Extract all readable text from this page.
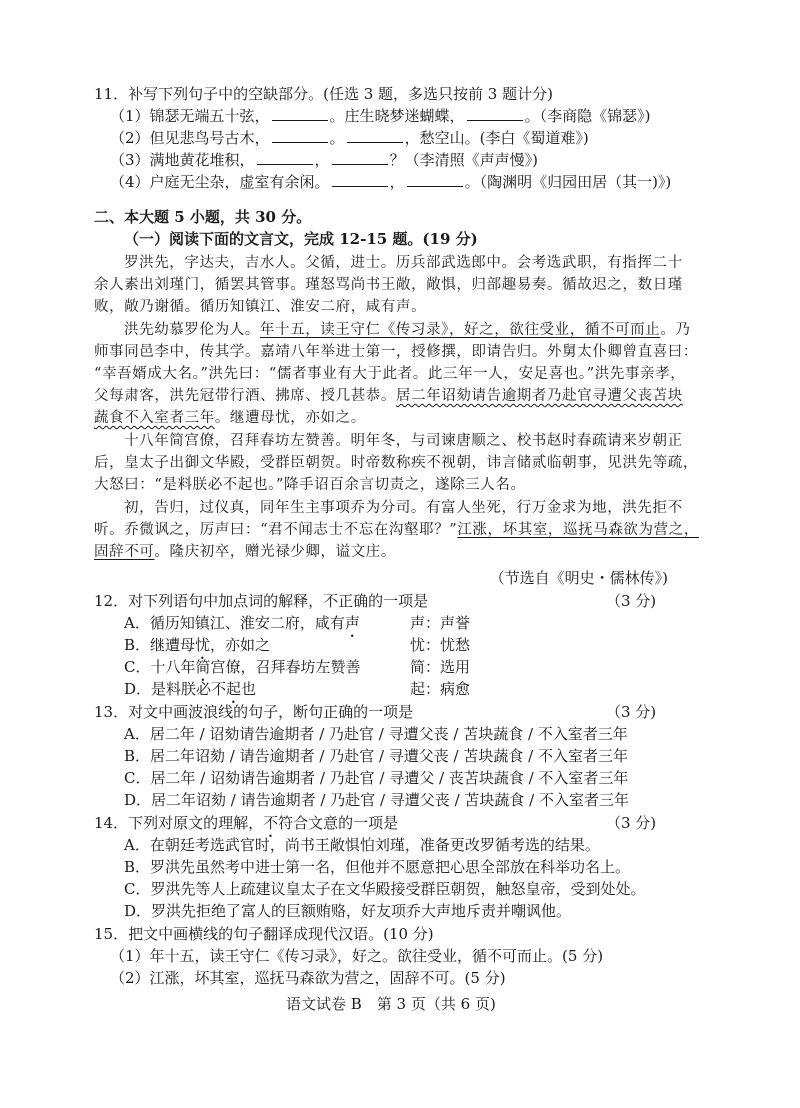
11．补写下列句子中的空缺部分。(任选 3 题，多选只按前 3 题计分)
（1）锦瑟无端五十弦，	。庄生晓梦迷蝴蝶，	。（李商隐《锦瑟》)
（2）但见悲鸟号古木，	。	，愁空山。(李白《蜀道难》)
（3）满地黄花堆积，	，	？（李清照《声声慢》)
（4）户庭无尘杂，虚室有余闲。	，	。（陶渊明《归园田居（其一)》)
二、本大题 5 小题，共 30 分。
（一）阅读下面的文言文，完成 12-15 题。(19 分)
罗洪先，字达夫，吉水人。父循，进士。历兵部武选郎中。会考选武职，有指挥二十
余人素出刘瑾门，循罢其管事。瑾怒骂尚书王敞，敞惧，归部趣易奏。循故迟之，数日瑾
败，敞乃谢循。循历知镇江、淮安二府，咸有声。
洪先幼慕罗伦为人。年十五，读王守仁《传习录》，好之，欲往受业，循不可而止。乃
师事同邑李中，传其学。嘉靖八年举进士第一，授修撰，即请告归。外舅太仆卿曾直喜曰：
“幸吾婿成大名。”洪先曰：“儒者事业有大于此者。此三年一人，安足喜也。”洪先事亲孝，
父每肃客，洪先冠带行酒、拂席、授几甚恭。居二年诏劾请告逾期者乃赴官寻遭父丧苫块
蔬食不入室者三年。继遭母忧，亦如之。
十八年简宫僚，召拜春坊左赞善。明年冬，与司谏唐顺之、校书赵时春疏请来岁朝正
后，皇太子出御文华殿，受群臣朝贺。时帝数称疾不视朝，讳言储贰临朝事，见洪先等疏，
大怒曰：“是料朕必不起也。”降手诏百余言切责之，遂除三人名。
初，告归，过仪真，同年生主事项乔为分司。有富人坐死，行万金求为地，洪先拒不
听。乔微讽之，厉声曰：“君不闻志士不忘在沟壑耶？”江涨，坏其室，巡抚马森欲为营之，
固辞不可。隆庆初卒，赠光禄少卿，谥文庄。
（节选自《明史・儒林传》)
12．对下列语句中加点词的解释，不正确的一项是	（3 分)
A．循历知镇江、淮安二府，咸有声	声：声誉
B．继遭母忧，亦如之	忧：忧愁
C．十八年简宫僚，召拜春坊左赞善	简：选用
D．是料朕必不起也	起：病愈
13．对文中画波浪线的句子，断句正确的一项是	（3 分)
A．居二年 / 诏劾请告逾期者 / 乃赴官 / 寻遭父丧 / 苫块蔬食 / 不入室者三年
B．居二年诏劾 / 请告逾期者 / 乃赴官 / 寻遭父丧 / 苫块蔬食 / 不入室者三年
C．居二年 / 诏劾请告逾期者 / 乃赴官 / 寻遭父 / 丧苫块蔬食 / 不入室者三年
D．居二年诏劾 / 请告逾期者 / 乃赴官 / 寻遭父丧 / 苫块蔬食 / 不入室者三年
14．下列对原文的理解，不符合文意的一项是	（3 分)
A．在朝廷考选武官时，尚书王敞惧怕刘瑾，准备更改罗循考选的结果。
B．罗洪先虽然考中进士第一名，但他并不愿意把心思全部放在科举功名上。
C．罗洪先等人上疏建议皇太子在文华殿接受群臣朝贺，触怒皇帝，受到处处。
D．罗洪先拒绝了富人的巨额贿赂，好友项乔大声地斥责并嘲讽他。
15．把文中画横线的句子翻译成现代汉语。(10 分)
（1）年十五，读王守仁《传习录》，好之。欲往受业，循不可而止。(5 分)
（2）江涨，坏其室，巡抚马森欲为营之，固辞不可。(5 分)
语文试卷 B　第 3 页（共 6 页)
